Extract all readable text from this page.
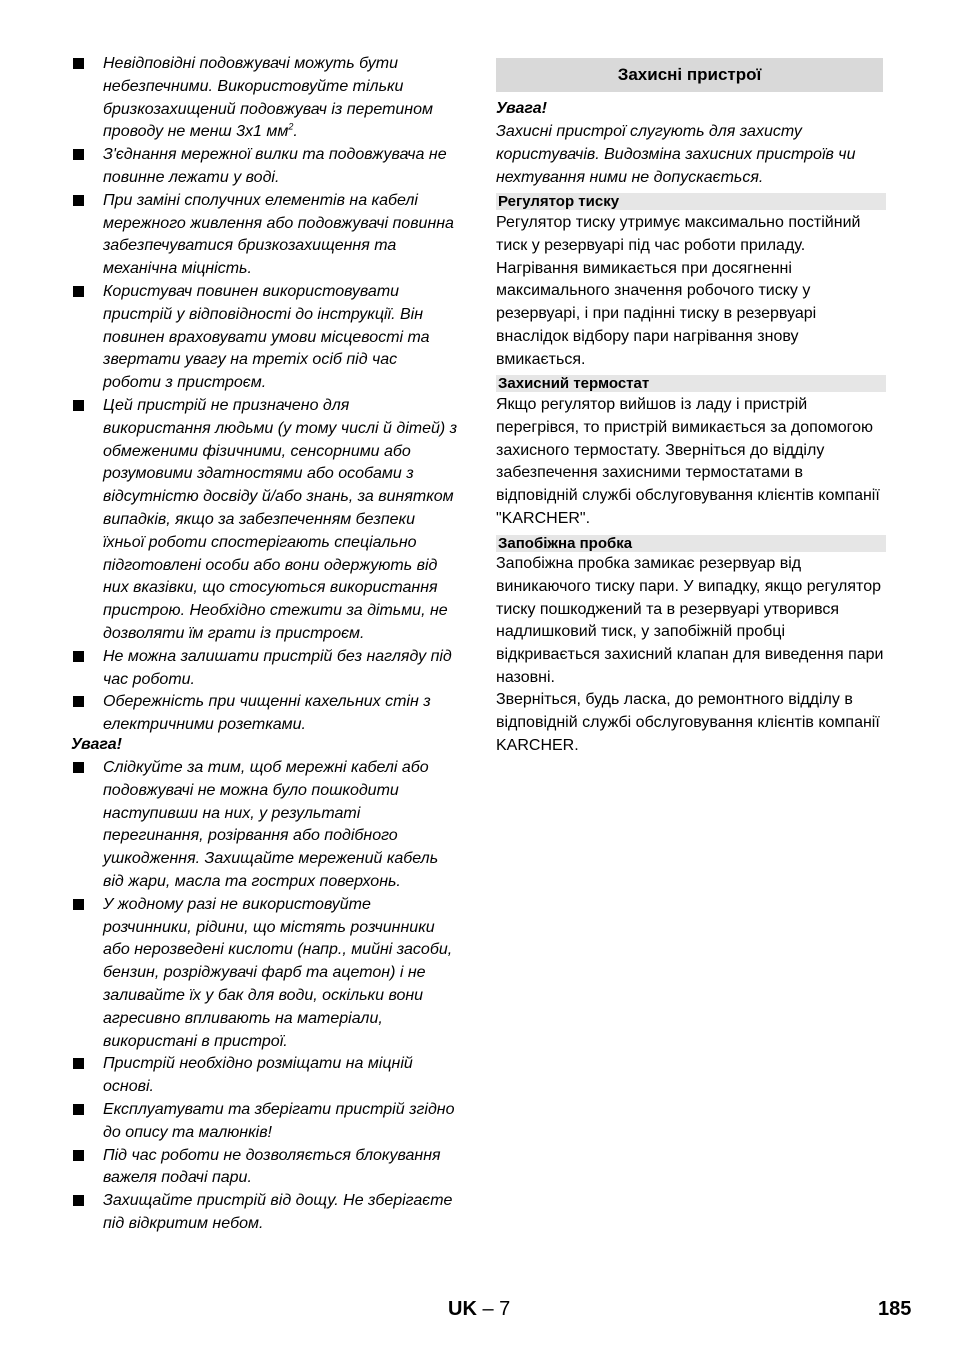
Невідповідні подовжувачі можуть бути небезпечними. Використовуйте тільки бризкозахищений подовжувач із перетином проводу не менш 3х1 $мм^2$.
З'єднання мережної вилки та подовжувача не повинне лежати у воді.
При заміні сполучних елементів на кабелі мережного живлення або подовжувачі повинна забезпечуватися бризкозахищення та механічна міцність.
Користувач повинен використовувати пристрій у відповідності до інструкції. Він повинен враховувати умови місцевості та звертати увагу на третіх осіб під час роботи з пристроєм.
Цей пристрій не призначено для використання людьми (у тому числі й дітей) з обмеженими фізичними, сенсорними або розумовими здатностями або особами з відсутністю досвіду й/або знань, за винятком випадків, якщо за забезпеченням безпеки їхньої роботи спостерігають спеціально підготовлені особи або вони одержують від них вказівки, що стосуються використання пристрою. Необхідно стежити за дітьми, не дозволяти їм грати із пристроєм.
Не можна залишати пристрій без нагляду під час роботи.
Обережність при чищенні кахельних стін з електричними розетками.
Увага!
Слідкуйте за тим, щоб мережні кабелі або подовжувачі не можна було пошкодити наступивши на них, у результаті перегинання, розірвання або подібного ушкодження. Захищайте мережений кабель від жари, масла та гострих поверхонь.
У жодному разі не використовуйте розчинники, рідини, що містять розчинники або нерозведені кислоти (напр., мийні засоби, бензин, розріджувачі фарб та ацетон) і не заливайте їх у бак для води, оскільки вони агресивно впливають на матеріали, використані в пристрої.
Пристрій необхідно розміщати на міцній основі.
Експлуатувати та зберігати пристрій згідно до опису та малюнків!
Під час роботи не дозволяється блокування важеля подачі пари.
Захищайте пристрій від дощу. Не зберігаєте під відкритим небом.
Захисні пристрої
Увага!
Захисні пристрої слугують для захисту користувачів. Видозміна захисних пристроїв чи нехтування ними не допускається.
Регулятор тиску
Регулятор тиску утримує максимально постійний тиск у резервуарі під час роботи приладу. Нагрівання вимикається при досягненні максимального значення робочого тиску у резервуарі, і при падінні тиску в резервуарі внаслідок відбору пари нагрівання знову вмикається.
Захисний термостат
Якщо регулятор вийшов із ладу і пристрій перегрівся, то пристрій вимикається за допомогою захисного термостату. Зверніться до відділу забезпечення захисними термостатами в відповідній службі обслуговування клієнтів компанії "KARCHER".
Запобіжна пробка
Запобіжна пробка замикає резервуар від виникаючого тиску пари. У випадку, якщо регулятор тиску пошкоджений та в резервуарі утворився надлишковий тиск, у запобіжній пробці відкривається захисний клапан для виведення пари назовні.
Зверніться, будь ласка, до ремонтного відділу в відповідній службі обслуговування клієнтів компанії KARCHER.
UK – 7	185
